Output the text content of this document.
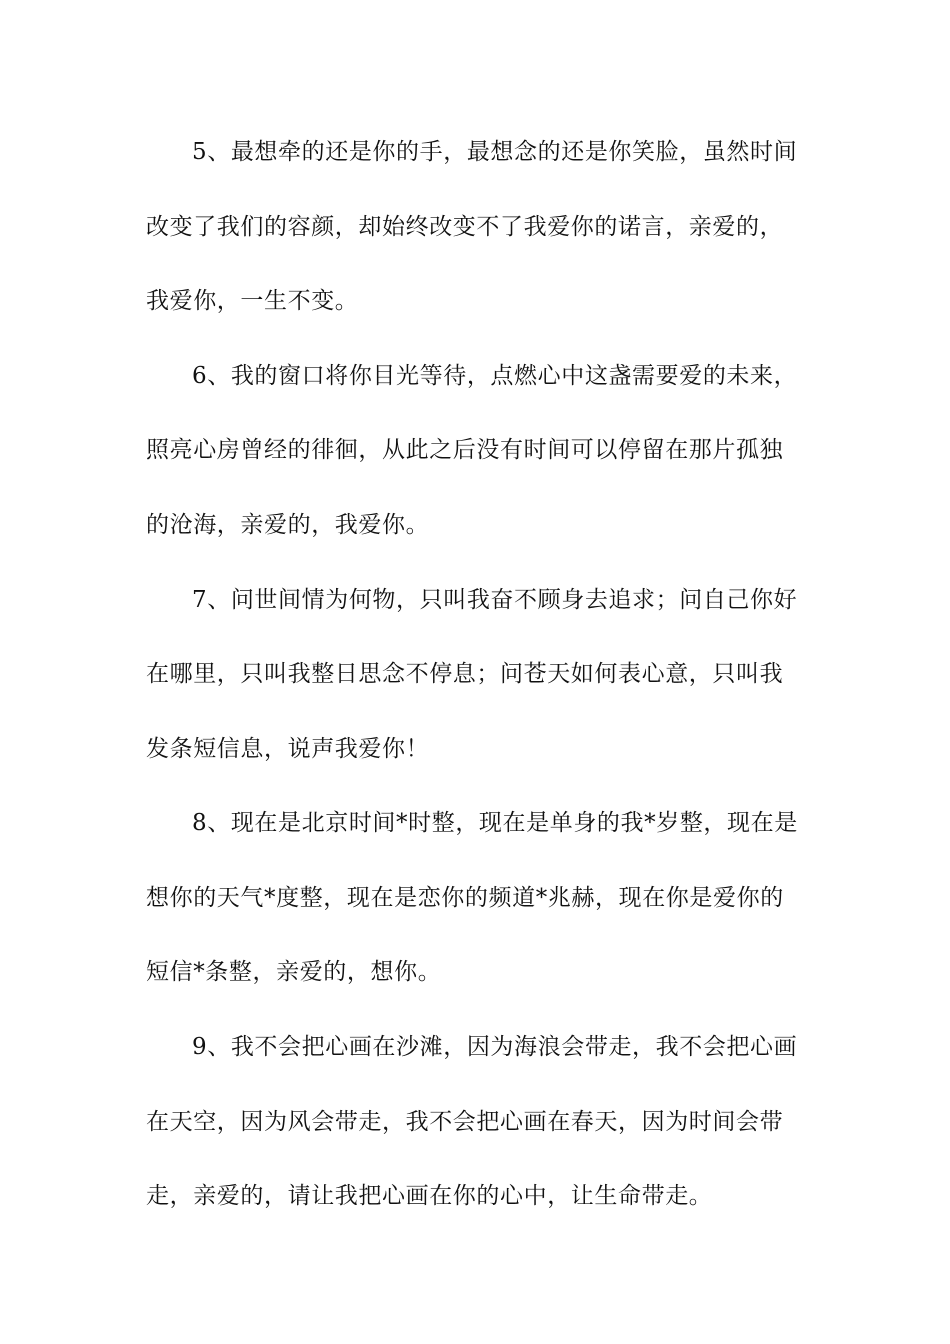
5、最想牵的还是你的手，最想念的还是你笑脸，虽然时间
改变了我们的容颜，却始终改变不了我爱你的诺言，亲爱的，
我爱你，一生不变。
6、我的窗口将你目光等待，点燃心中这盏需要爱的未来，
照亮心房曾经的徘徊，从此之后没有时间可以停留在那片孤独
的沧海，亲爱的，我爱你。
7、问世间情为何物，只叫我奋不顾身去追求；问自己你好
在哪里，只叫我整日思念不停息；问苍天如何表心意，只叫我
发条短信息，说声我爱你！
8、现在是北京时间*时整，现在是单身的我*岁整，现在是
想你的天气*度整，现在是恋你的频道*兆赫，现在你是爱你的
短信*条整，亲爱的，想你。
9、我不会把心画在沙滩，因为海浪会带走，我不会把心画
在天空，因为风会带走，我不会把心画在春天，因为时间会带
走，亲爱的，请让我把心画在你的心中，让生命带走。
